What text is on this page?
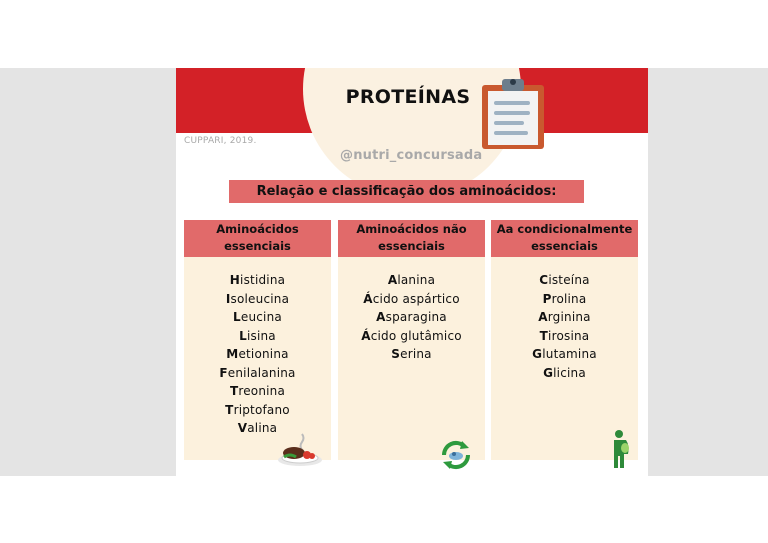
PROTEÍNAS
CUPPARI, 2019.
@nutri_concursada
Relação e classificação dos aminoácidos:
Aminoácidos
essenciais
Histidina
Isoleucina
Leucina
Lisina
Metionina
Fenilalanina
Treonina
Triptofano
Valina
Aminoácidos não
essenciais
Alanina
Ácido aspártico
Asparagina
Ácido glutâmico
Serina
Aa condicionalmente
essenciais
Cisteína
Prolina
Arginina
Tirosina
Glutamina
Glicina
